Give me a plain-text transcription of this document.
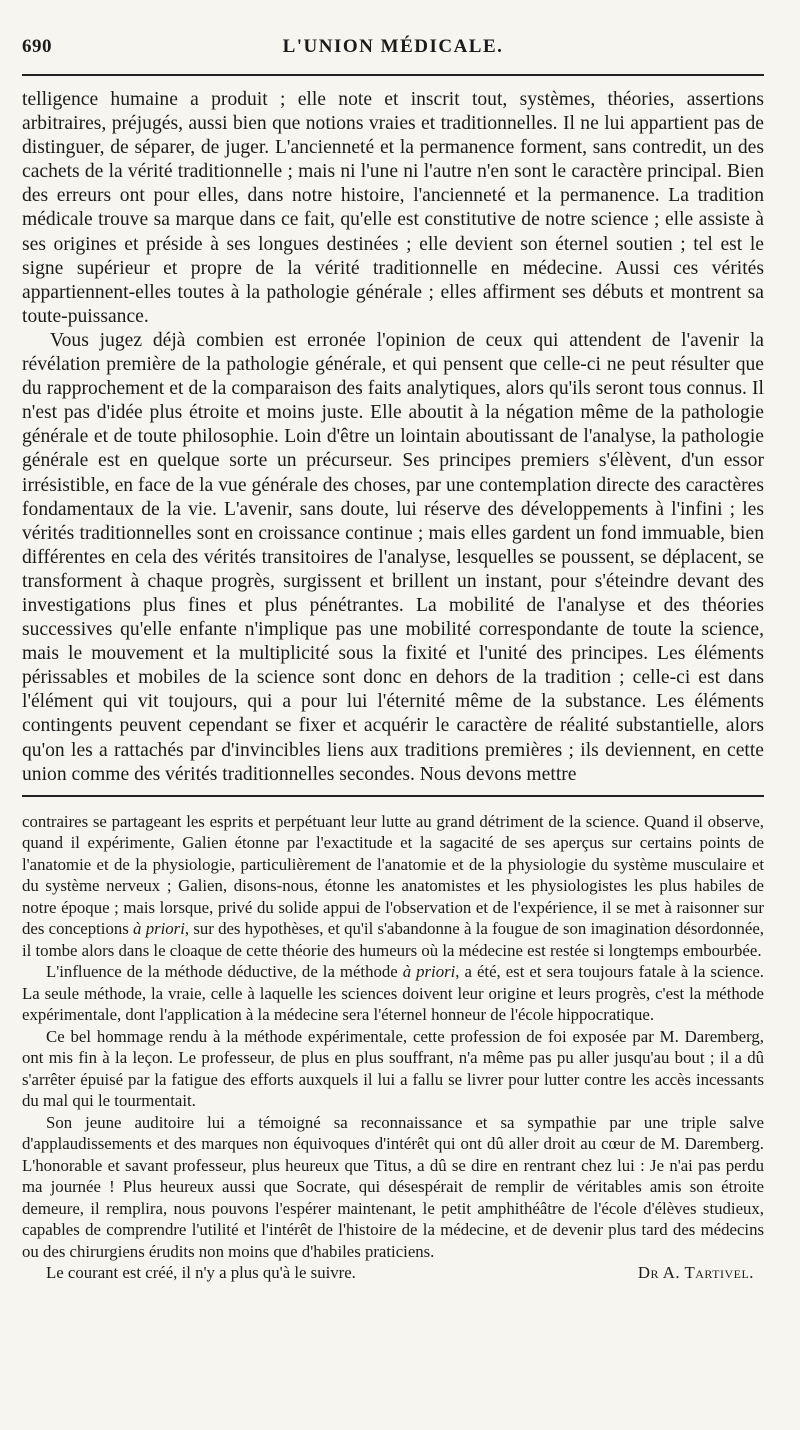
690	L'UNION MÉDICALE.

telligence humaine a produit ; elle note et inscrit tout, systèmes, théories, assertions arbitraires, préjugés, aussi bien que notions vraies et traditionnelles. Il ne lui appartient pas de distinguer, de séparer, de juger. L'ancienneté et la permanence forment, sans contredit, un des cachets de la vérité traditionnelle ; mais ni l'une ni l'autre n'en sont le caractère principal. Bien des erreurs ont pour elles, dans notre histoire, l'ancienneté et la permanence. La tradition médicale trouve sa marque dans ce fait, qu'elle est constitutive de notre science ; elle assiste à ses origines et préside à ses longues destinées ; elle devient son éternel soutien ; tel est le signe supérieur et propre de la vérité traditionnelle en médecine. Aussi ces vérités appartiennent-elles toutes à la pathologie générale ; elles affirment ses débuts et montrent sa toute-puissance.

Vous jugez déjà combien est erronée l'opinion de ceux qui attendent de l'avenir la révélation première de la pathologie générale, et qui pensent que celle-ci ne peut résulter que du rapprochement et de la comparaison des faits analytiques, alors qu'ils seront tous connus. Il n'est pas d'idée plus étroite et moins juste. Elle aboutit à la négation même de la pathologie générale et de toute philosophie. Loin d'être un lointain aboutissant de l'analyse, la pathologie générale est en quelque sorte un précurseur. Ses principes premiers s'élèvent, d'un essor irrésistible, en face de la vue générale des choses, par une contemplation directe des caractères fondamentaux de la vie. L'avenir, sans doute, lui réserve des développements à l'infini ; les vérités traditionnelles sont en croissance continue ; mais elles gardent un fond immuable, bien différentes en cela des vérités transitoires de l'analyse, lesquelles se poussent, se déplacent, se transforment à chaque progrès, surgissent et brillent un instant, pour s'éteindre devant des investigations plus fines et plus pénétrantes. La mobilité de l'analyse et des théories successives qu'elle enfante n'implique pas une mobilité correspondante de toute la science, mais le mouvement et la multiplicité sous la fixité et l'unité des principes. Les éléments périssables et mobiles de la science sont donc en dehors de la tradition ; celle-ci est dans l'élément qui vit toujours, qui a pour lui l'éternité même de la substance. Les éléments contingents peuvent cependant se fixer et acquérir le caractère de réalité substantielle, alors qu'on les a rattachés par d'invincibles liens aux traditions premières ; ils deviennent, en cette union comme des vérités traditionnelles secondes. Nous devons mettre

contraires se partageant les esprits et perpétuant leur lutte au grand détriment de la science. Quand il observe, quand il expérimente, Galien étonne par l'exactitude et la sagacité de ses aperçus sur certains points de l'anatomie et de la physiologie, particulièrement de l'anatomie et de la physiologie du système musculaire et du système nerveux ; Galien, disons-nous, étonne les anatomistes et les physiologistes les plus habiles de notre époque ; mais lorsque, privé du solide appui de l'observation et de l'expérience, il se met à raisonner sur des conceptions à priori, sur des hypothèses, et qu'il s'abandonne à la fougue de son imagination désordonnée, il tombe alors dans le cloaque de cette théorie des humeurs où la médecine est restée si longtemps embourbée.

L'influence de la méthode déductive, de la méthode à priori, a été, est et sera toujours fatale à la science. La seule méthode, la vraie, celle à laquelle les sciences doivent leur origine et leurs progrès, c'est la méthode expérimentale, dont l'application à la médecine sera l'éternel honneur de l'école hippocratique.

Ce bel hommage rendu à la méthode expérimentale, cette profession de foi exposée par M. Daremberg, ont mis fin à la leçon. Le professeur, de plus en plus souffrant, n'a même pas pu aller jusqu'au bout ; il a dû s'arrêter épuisé par la fatigue des efforts auxquels il lui a fallu se livrer pour lutter contre les accès incessants du mal qui le tourmentait.

Son jeune auditoire lui a témoigné sa reconnaissance et sa sympathie par une triple salve d'applaudissements et des marques non équivoques d'intérêt qui ont dû aller droit au cœur de M. Daremberg. L'honorable et savant professeur, plus heureux que Titus, a dû se dire en rentrant chez lui : Je n'ai pas perdu ma journée ! Plus heureux aussi que Socrate, qui désespérait de remplir de véritables amis son étroite demeure, il remplira, nous pouvons l'espérer maintenant, le petit amphithéâtre de l'école d'élèves studieux, capables de comprendre l'utilité et l'intérêt de l'histoire de la médecine, et de devenir plus tard des médecins ou des chirurgiens érudits non moins que d'habiles praticiens.

Le courant est créé, il n'y a plus qu'à le suivre.	Dr A. Tartivel.
